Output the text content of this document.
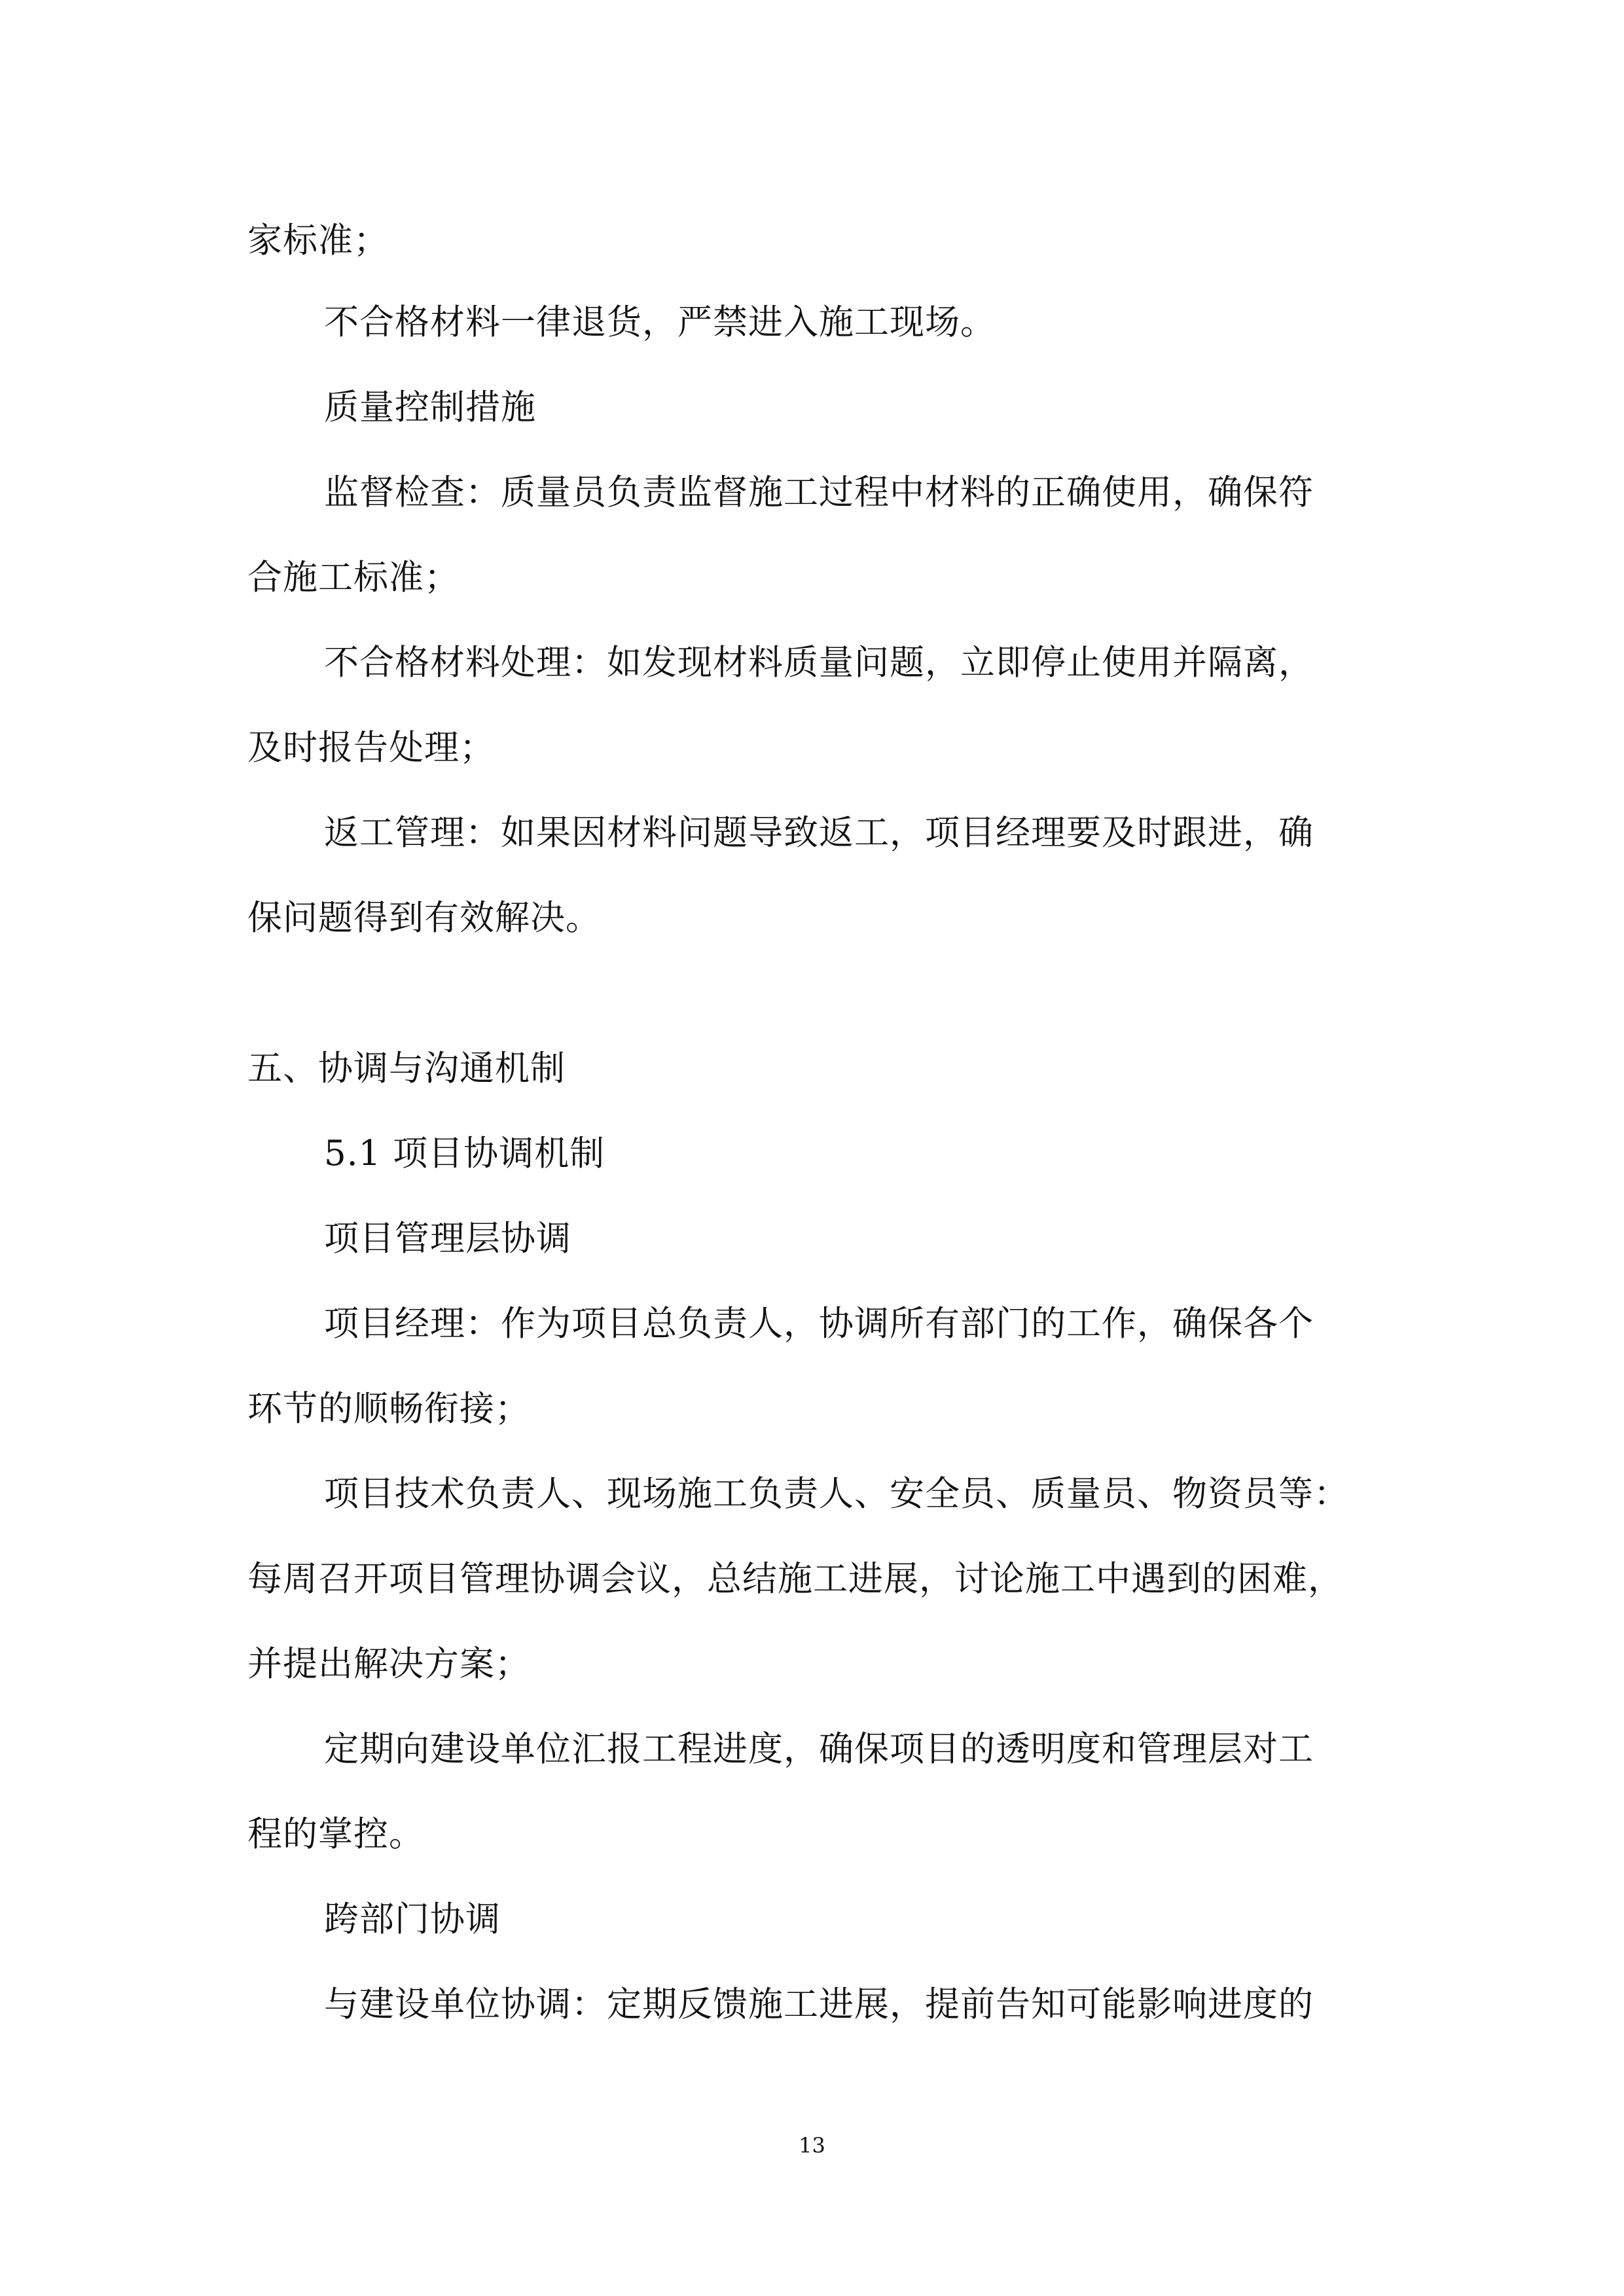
家标准；
不合格材料一律退货，严禁进入施工现场。
质量控制措施
监督检查：质量员负责监督施工过程中材料的正确使用，确保符
合施工标准；
不合格材料处理：如发现材料质量问题，立即停止使用并隔离，
及时报告处理；
返工管理：如果因材料问题导致返工，项目经理要及时跟进，确
保问题得到有效解决。
五、协调与沟通机制
5.1 项目协调机制
项目管理层协调
项目经理：作为项目总负责人，协调所有部门的工作，确保各个
环节的顺畅衔接；
项目技术负责人、现场施工负责人、安全员、质量员、物资员等：
每周召开项目管理协调会议，总结施工进展，讨论施工中遇到的困难，
并提出解决方案；
定期向建设单位汇报工程进度，确保项目的透明度和管理层对工
程的掌控。
跨部门协调
与建设单位协调：定期反馈施工进展，提前告知可能影响进度的
13
